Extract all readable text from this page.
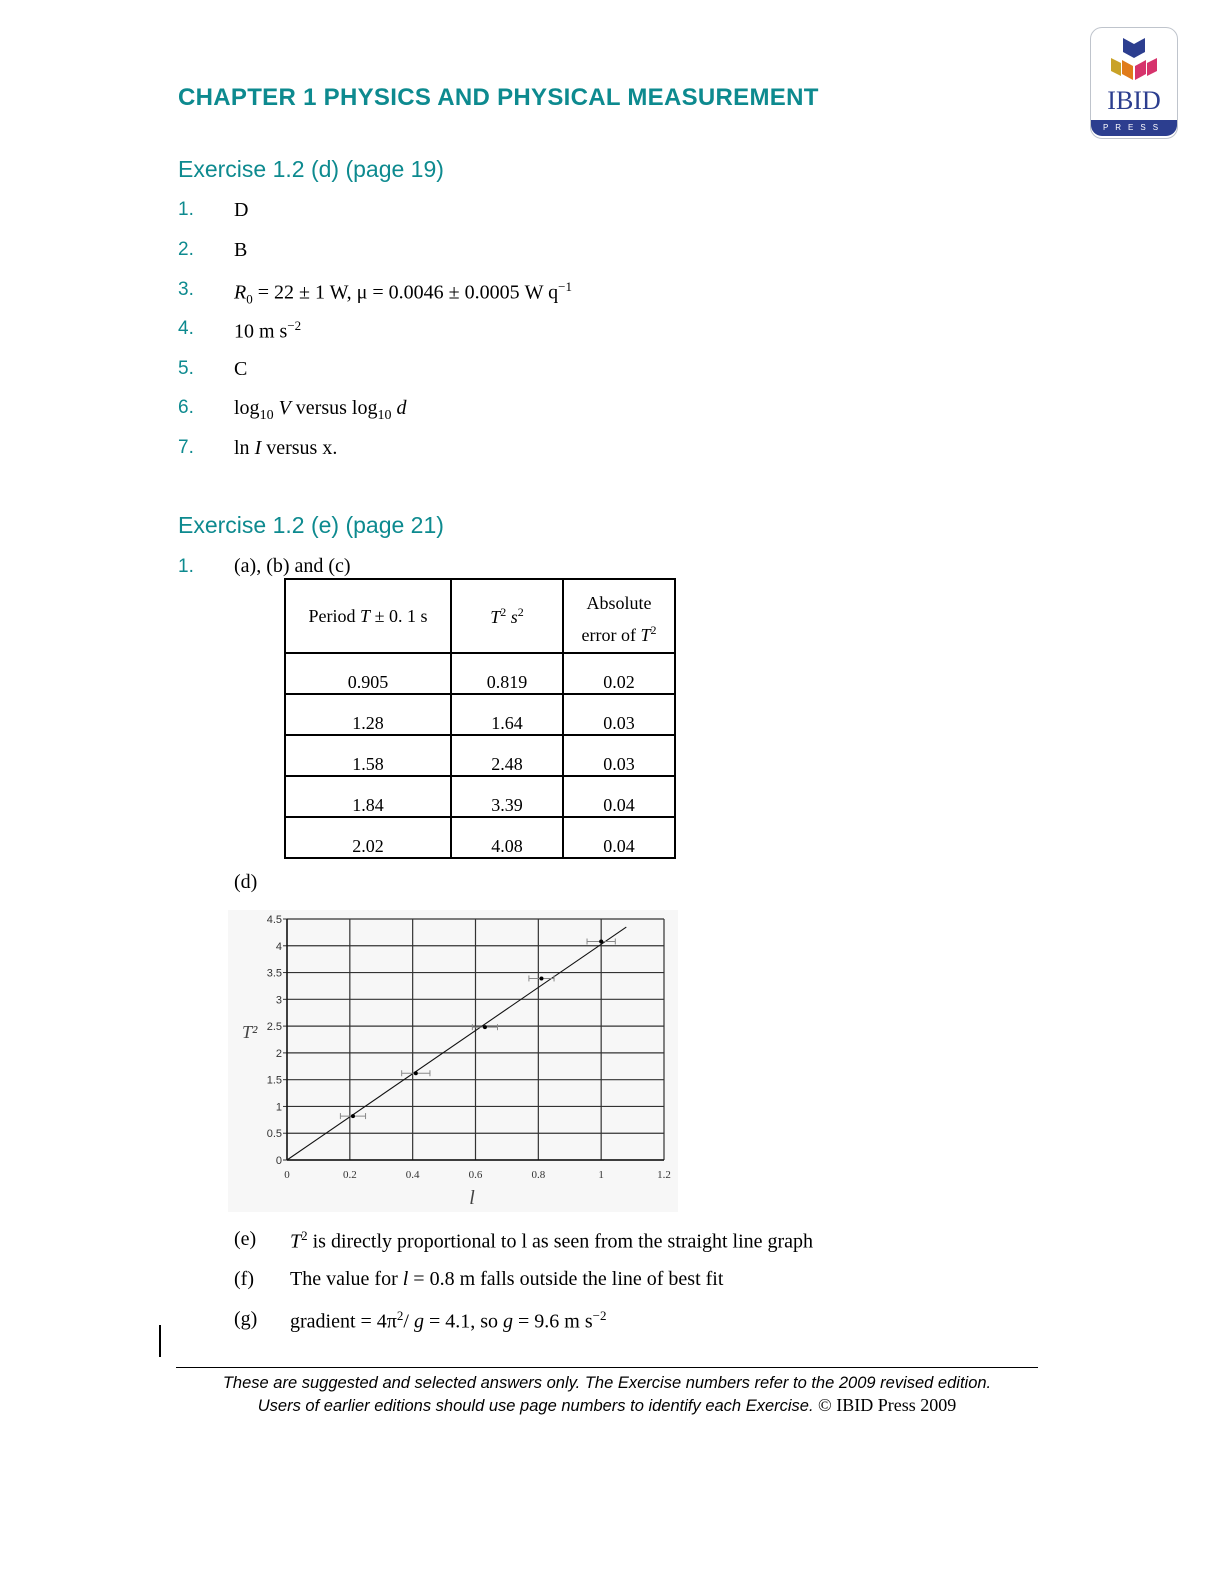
IBID
PRESS
CHAPTER 1 PHYSICS AND PHYSICAL MEASUREMENT
Exercise 1.2 (d) (page 19)
1. D
2. B
3. $R_0 = 22 \pm 1$ W, μ = 0.0046 ± 0.0005 W $q^{-1}$
4. 10 m $s^{-2}$
5. C
6. $\log_{10} V$ versus $\log_{10} d$
7. ln I versus x.
Exercise 1.2 (e) (page 21)
1. (a), (b) and (c)
Period T ± 0. 1 s	$T^2$ $s^2$	Absolute
error of $T^2$
0.905	0.819	0.02
1.28	1.64	0.03
1.58	2.48	0.03
1.84	3.39	0.04
2.02	4.08	0.04
(d)
0
0.5
1
1.5
2
2.5
3
3.5
4
4.5
0	0.2	0.4	0.6	0.8	1	1.2
T²
l
(e) $T^2$ is directly proportional to l as seen from the straight line graph
(f) The value for l = 0.8 m falls outside the line of best fit
(g) gradient = $4\pi^2/$ g = 4.1, so g = 9.6 m $s^{-2}$
These are suggested and selected answers only. The Exercise numbers refer to the 2009 revised edition.
Users of earlier editions should use page numbers to identify each Exercise. © IBID Press 2009
